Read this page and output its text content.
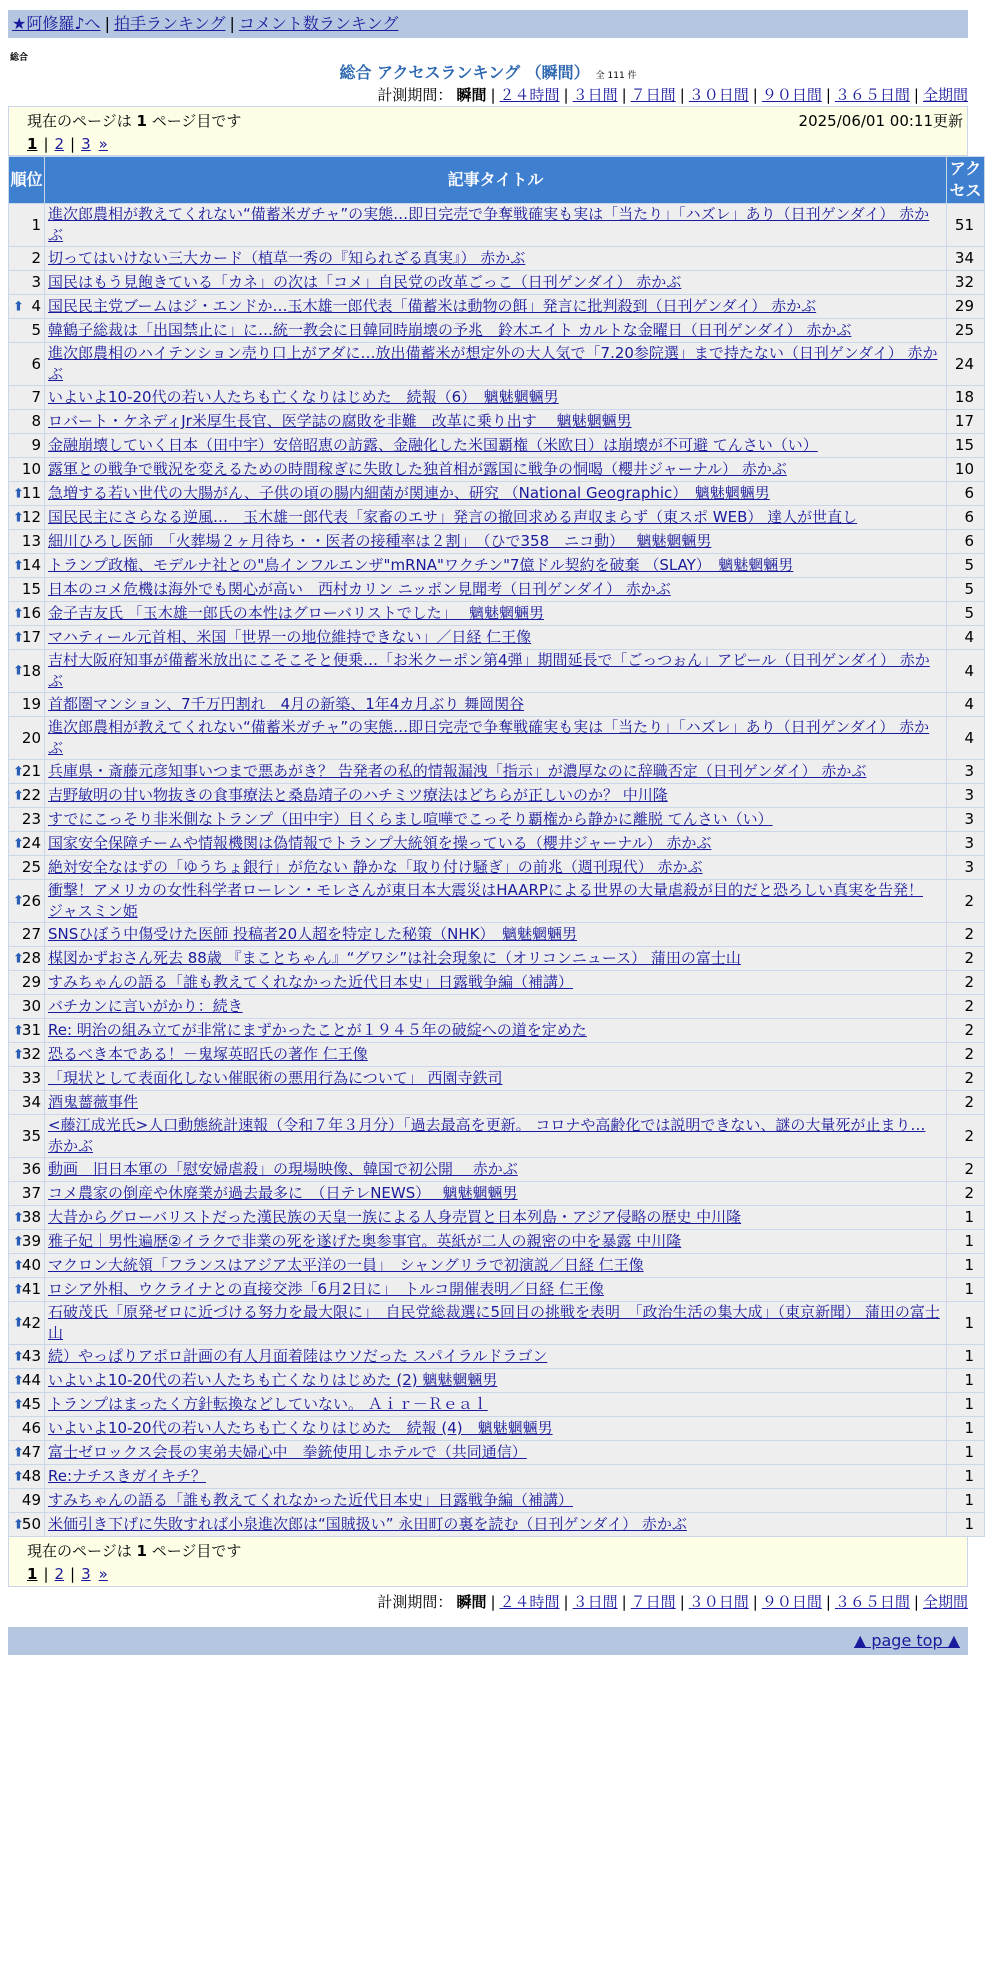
★阿修羅♪へ | 拍手ランキング | コメント数ランキング
総合
総合 アクセスランキング （瞬間） 全 111 件
計測期間： 瞬間 | ２４時間 | ３日間 | ７日間 | ３０日間 | ９０日間 | ３６５日間 | 全期間
現在のページは 1 ページ目です	2025/06/01 00:11更新
1 | 2 | 3 »
順位	記事タイトル	アクセス
1	進次郎農相が教えてくれない“備蓄米ガチャ”の実態…即日完売で争奪戦確実も実は「当たり」「ハズレ」あり（日刊ゲンダイ） 赤かぶ	51
2	切ってはいけない三大カード（植草一秀の『知られざる真実』） 赤かぶ	34
3	国民はもう見飽きている「カネ」の次は「コメ」自民党の改革ごっこ（日刊ゲンダイ） 赤かぶ	32

⬆ 4	国民民主党ブームはジ・エンドか…玉木雄一郎代表「備蓄米は動物の餌」発言に批判殺到（日刊ゲンダイ） 赤かぶ	29
5	韓鶴子総裁は「出国禁止に」に…統一教会に日韓同時崩壊の予兆　鈴木エイト カルトな金曜日（日刊ゲンダイ） 赤かぶ	25
6	進次郎農相のハイテンション売り口上がアダに…放出備蓄米が想定外の大人気で「7.20参院選」まで持たない（日刊ゲンダイ） 赤かぶ	24
7	いよいよ10-20代の若い人たちも亡くなりはじめた　続報（6）　魑魅魍魎男	18
8	ロバート・ケネディJr米厚生長官、医学誌の腐敗を非難　改革に乗り出す　 魑魅魍魎男	17
9	金融崩壊していく日本（田中宇）安倍昭恵の訪露、金融化した米国覇権（米欧日）は崩壊が不可避 てんさい（い）	15
10	露軍との戦争で戦況を変えるための時間稼ぎに失敗した独首相が露国に戦争の恫喝（櫻井ジャーナル） 赤かぶ	10

⬆
11	急増する若い世代の大腸がん、子供の頃の腸内細菌が関連か、研究 （National Geographic）　魑魅魍魎男	6

⬆
12	国民民主にさらなる逆風…　玉木雄一郎代表「家畜のエサ」発言の撤回求める声収まらず（東スポ WEB） 達人が世直し	6
13	細川ひろし医師　「火葬場２ヶ月待ち・・医者の接種率は２割」　（ひで358　ニコ動）　 魑魅魍魎男	6

⬆
14	トランプ政権、モデルナ社との"鳥インフルエンザ"mRNA"ワクチン"7億ドル契約を破棄 （SLAY）　魑魅魍魎男	5
15	日本のコメ危機は海外でも関心が高い　西村カリン ニッポン見聞考（日刊ゲンダイ） 赤かぶ	5

⬆
16	金子吉友氏 「玉木雄一郎氏の本性はグローバリストでした」　 魑魅魍魎男	5

⬆
17	マハティール元首相、米国「世界一の地位維持できない」／日経 仁王像	4

⬆
18	吉村大阪府知事が備蓄米放出にこそこそと便乗…「お米クーポン第4弾」期間延長で「ごっつぉん」アピール（日刊ゲンダイ） 赤かぶ	4
19	首都圏マンション、7千万円割れ　4月の新築、1年4カ月ぶり 舞岡関谷	4
20	進次郎農相が教えてくれない“備蓄米ガチャ”の実態…即日完売で争奪戦確実も実は「当たり」「ハズレ」あり（日刊ゲンダイ） 赤かぶ	4

⬆
21	兵庫県・斎藤元彦知事いつまで悪あがき？ 告発者の私的情報漏洩「指示」が濃厚なのに辞職否定（日刊ゲンダイ） 赤かぶ	3

⬆
22	吉野敏明の甘い物抜きの食事療法と桑島靖子のハチミツ療法はどちらが正しいのか？ 中川隆	3
23	すでにこっそり非米側なトランプ（田中宇）目くらまし喧嘩でこっそり覇権から静かに離脱 てんさい（い）	3

⬆
24	国家安全保障チームや情報機関は偽情報でトランプ大統領を操っている（櫻井ジャーナル） 赤かぶ	3
25	絶対安全なはずの「ゆうちょ銀行」が危ない 静かな「取り付け騒ぎ」の前兆（週刊現代） 赤かぶ	3

⬆
26	衝撃！アメリカの女性科学者ローレン・モレさんが東日本大震災はHAARPによる世界の大量虐殺が目的だと恐ろしい真実を告発！ ジャスミン姫	2
27	SNSひぼう中傷受けた医師 投稿者20人超を特定した秘策（NHK）　魑魅魍魎男	2

⬆
28	楳図かずおさん死去 88歳 『まことちゃん』“グワシ”は社会現象に（オリコンニュース） 蒲田の富士山	2
29	すみちゃんの語る「誰も教えてくれなかった近代日本史」日露戦争編（補講）	2
30	バチカンに言いがかり：続き	2

⬆
31	Re: 明治の組み立てが非常にまずかったことが１９４５年の破綻への道を定めた	2

⬆
32	恐るべき本である！－鬼塚英昭氏の著作 仁王像	2
33	「現状として表面化しない催眠術の悪用行為について」 西園寺鉄司	2
34	酒鬼薔薇事件	2
35	<藤江成光氏>人口動態統計速報（令和７年３月分）「過去最高を更新。 コロナや高齢化では説明できない、謎の大量死が止まり… 赤かぶ	2
36	動画　旧日本軍の「慰安婦虐殺」の現場映像、韓国で初公開　 赤かぶ	2
37	コメ農家の倒産や休廃業が過去最多に　（日テレNEWS）　 魑魅魍魎男	2

⬆
38	大昔からグローバリストだった漢民族の天皇一族による人身売買と日本列島・アジア侵略の歴史 中川隆	1

⬆
39	雅子妃｜男性遍歴②イラクで非業の死を遂げた奥参事官。英紙が二人の親密の中を暴露 中川隆	1

⬆
40	マクロン大統領「フランスはアジア太平洋の一員」　シャングリラで初演説／日経 仁王像	1

⬆
41	ロシア外相、ウクライナとの直接交渉「6月2日に」　トルコ開催表明／日経 仁王像	1

⬆
42	石破茂氏「原発ゼロに近づける努力を最大限に」　自民党総裁選に5回目の挑戦を表明　「政治生活の集大成」（東京新聞） 蒲田の富士山	1

⬆
43	続）やっぱりアポロ計画の有人月面着陸はウソだった スパイラルドラゴン	1

⬆
44	いよいよ10-20代の若い人たちも亡くなりはじめた (2) 魑魅魍魎男	1

⬆
45	トランプはまったく方針転換などしていない。 Ａｉｒ－Ｒｅａｌ	1
46	いよいよ10-20代の若い人たちも亡くなりはじめた　続報 (4)　魑魅魍魎男	1

⬆
47	富士ゼロックス会長の実弟夫婦心中　拳銃使用しホテルで（共同通信）	1

⬆
48	Re:ナチスきガイキチ？	1
49	すみちゃんの語る「誰も教えてくれなかった近代日本史」日露戦争編（補講）	1

⬆
50	米価引き下げに失敗すれば小泉進次郎は“国賊扱い” 永田町の裏を読む（日刊ゲンダイ） 赤かぶ	1
現在のページは 1 ページ目です
1 | 2 | 3 »
計測期間： 瞬間 | ２４時間 | ３日間 | ７日間 | ３０日間 | ９０日間 | ３６５日間 | 全期間
▲ page top ▲
